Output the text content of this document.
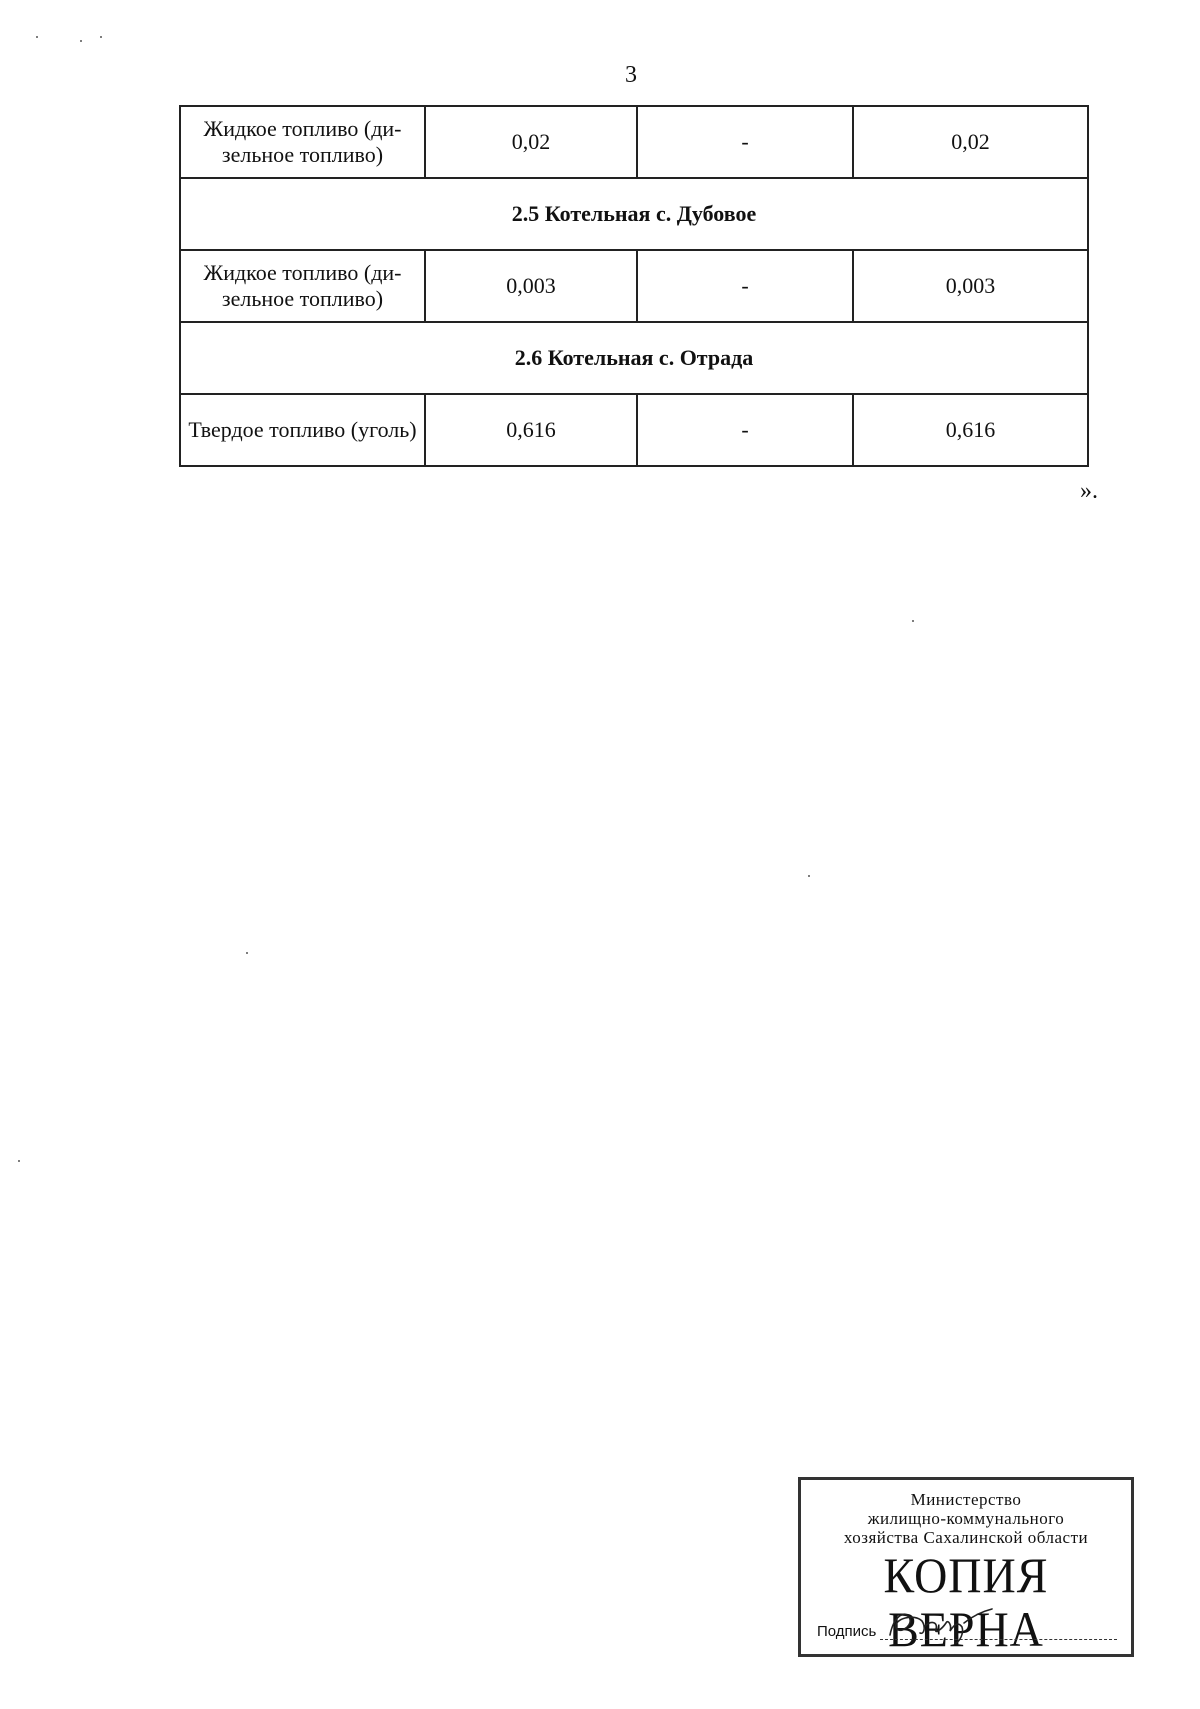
3
Жидкое топливо (ди-зельное топливо)	0,02	-	0,02
2.5 Котельная с. Дубовое			
Жидкое топливо (ди-зельное топливо)	0,003	-	0,003
2.6 Котельная с. Отрада			
Твердое топливо (уголь)	0,616	-	0,616
».
Министерство
жилищно-коммунального
хозяйства Сахалинской области
КОПИЯ ВЕРНА
Подпись
